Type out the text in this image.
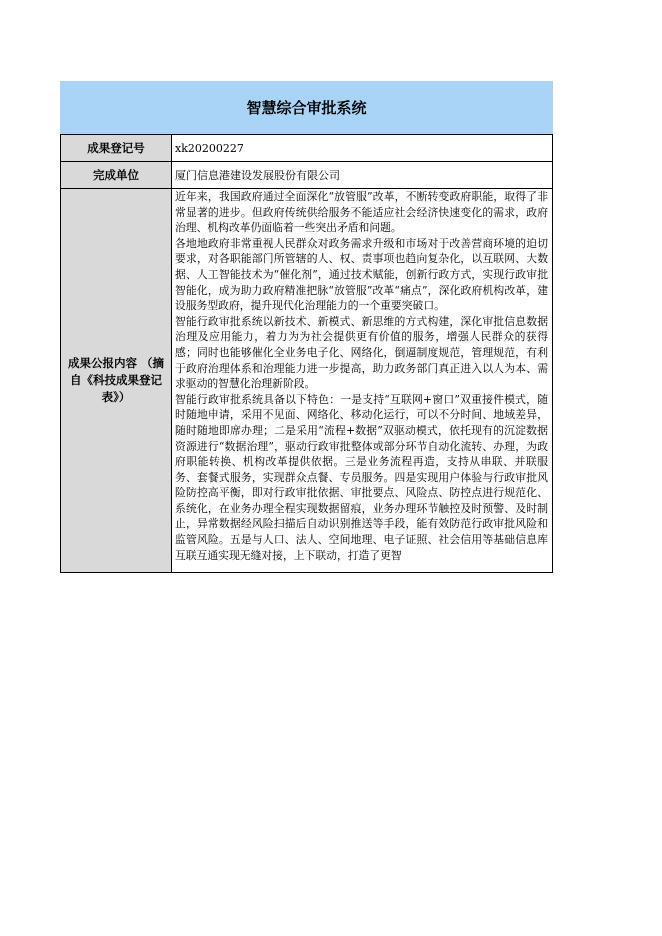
智慧综合审批系统
成果登记号	xk20200227
完成单位	厦门信息港建设发展股份有限公司
成果公报内容 （摘自《科技成果登记表》）	近年来，我国政府通过全面深化“放管服”改革，不断转变政府职能，取得了非常显著的进步。但政府传统供给服务不能适应社会经济快速变化的需求，政府治理、机构改革仍面临着一些突出矛盾和问题。

各地地政府非常重视人民群众对政务需求升级和市场对于改善营商环境的迫切要求，对各职能部门所管辖的人、权、责事项也趋向复杂化，以互联网、大数据、人工智能技术为“催化剂”，通过技术赋能，创新行政方式，实现行政审批智能化，成为助力政府精准把脉“放管服”改革“痛点”，深化政府机构改革，建设服务型政府，提升现代化治理能力的一个重要突破口。

智能行政审批系统以新技术、新模式、新思维的方式构建，深化审批信息数据治理及应用能力，着力为为社会提供更有价值的服务，增强人民群众的获得感；同时也能够催化全业务电子化、网络化，倒逼制度规范，管理规范，有利于政府治理体系和治理能力进一步提高，助力政务部门真正进入以人为本、需求驱动的智慧化治理新阶段。

智能行政审批系统具备以下特色：一是支持“互联网+窗口”双重接件模式，随时随地申请，采用不见面、网络化、移动化运行，可以不分时间、地域差异，随时随地即席办理；二是采用“流程+数据”双驱动模式，依托现有的沉淀数据资源进行“数据治理”，驱动行政审批整体或部分环节自动化流转、办理，为政府职能转换、机构改革提供依据。三是业务流程再造，支持从串联、并联服务、套餐式服务，实现群众点餐、专员服务。四是实现用户体验与行政审批风险防控高平衡，即对行政审批依据、审批要点、风险点、防控点进行规范化、系统化，在业务办理全程实现数据留痕，业务办理环节触控及时预警、及时制止，异常数据经风险扫描后自动识别推送等手段，能有效防范行政审批风险和监管风险。五是与人口、法人、空间地理、电子证照、社会信用等基础信息库互联互通实现无缝对接，上下联动，打造了更智
